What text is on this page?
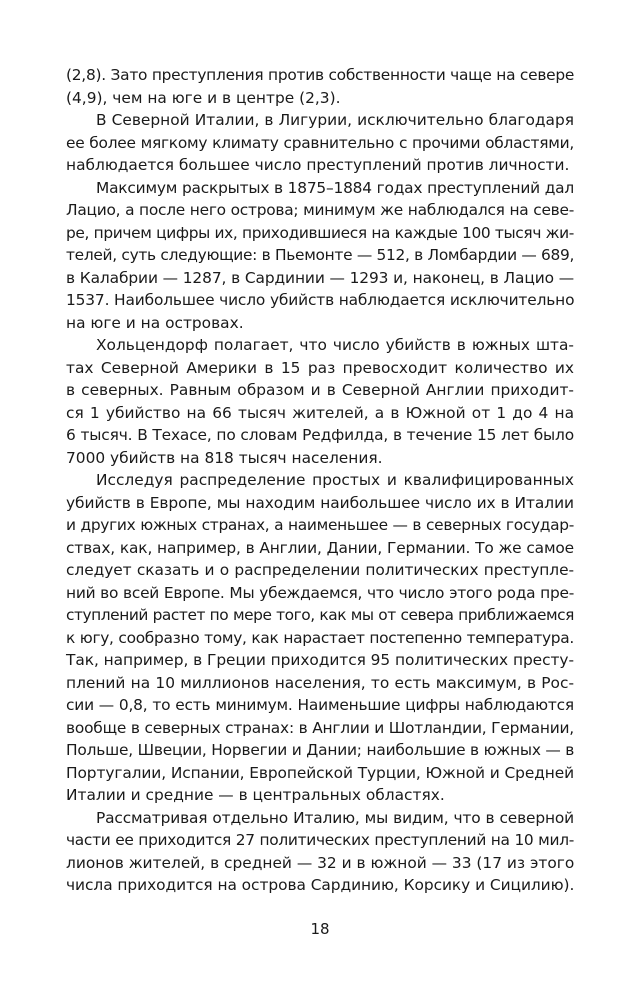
(2,8). Зато преступления против собственности чаще на севере
(4,9), чем на юге и в центре (2,3).
В Северной Италии, в Лигурии, исключительно благодаря
ее более мягкому климату сравнительно с прочими областями,
наблюдается большее число преступлений против личности.
Максимум раскрытых в 1875–1884 годах преступлений дал
Лацио, а после него острова; минимум же наблюдался на севе-
ре, причем цифры их, приходившиеся на каждые 100 тысяч жи-
телей, суть следующие: в Пьемонте — 512, в Ломбардии — 689,
в Калабрии — 1287, в Сардинии — 1293 и, наконец, в Лацио —
1537. Наибольшее число убийств наблюдается исключительно
на юге и на островах.
Хольцендорф полагает, что число убийств в южных шта-
тах Северной Америки в 15 раз превосходит количество их
в северных. Равным образом и в Северной Англии приходит-
ся 1 убийство на 66 тысяч жителей, а в Южной от 1 до 4 на
6 тысяч. В Техасе, по словам Редфилда, в течение 15 лет было
7000 убийств на 818 тысяч населения.
Исследуя распределение простых и квалифицированных
убийств в Европе, мы находим наибольшее число их в Италии
и других южных странах, а наименьшее — в северных государ-
ствах, как, например, в Англии, Дании, Германии. То же самое
следует сказать и о распределении политических преступле-
ний во всей Европе. Мы убеждаемся, что число этого рода пре-
ступлений растет по мере того, как мы от севера приближаемся
к югу, сообразно тому, как нарастает постепенно температура.
Так, например, в Греции приходится 95 политических престу-
плений на 10 миллионов населения, то есть максимум, в Рос-
сии — 0,8, то есть минимум. Наименьшие цифры наблюдаются
вообще в северных странах: в Англии и Шотландии, Германии,
Польше, Швеции, Норвегии и Дании; наибольшие в южных — в
Португалии, Испании, Европейской Турции, Южной и Средней
Италии и средние — в центральных областях.
Рассматривая отдельно Италию, мы видим, что в северной
части ее приходится 27 политических преступлений на 10 мил-
лионов жителей, в средней — 32 и в южной — 33 (17 из этого
числа приходится на острова Сардинию, Корсику и Сицилию).
18
